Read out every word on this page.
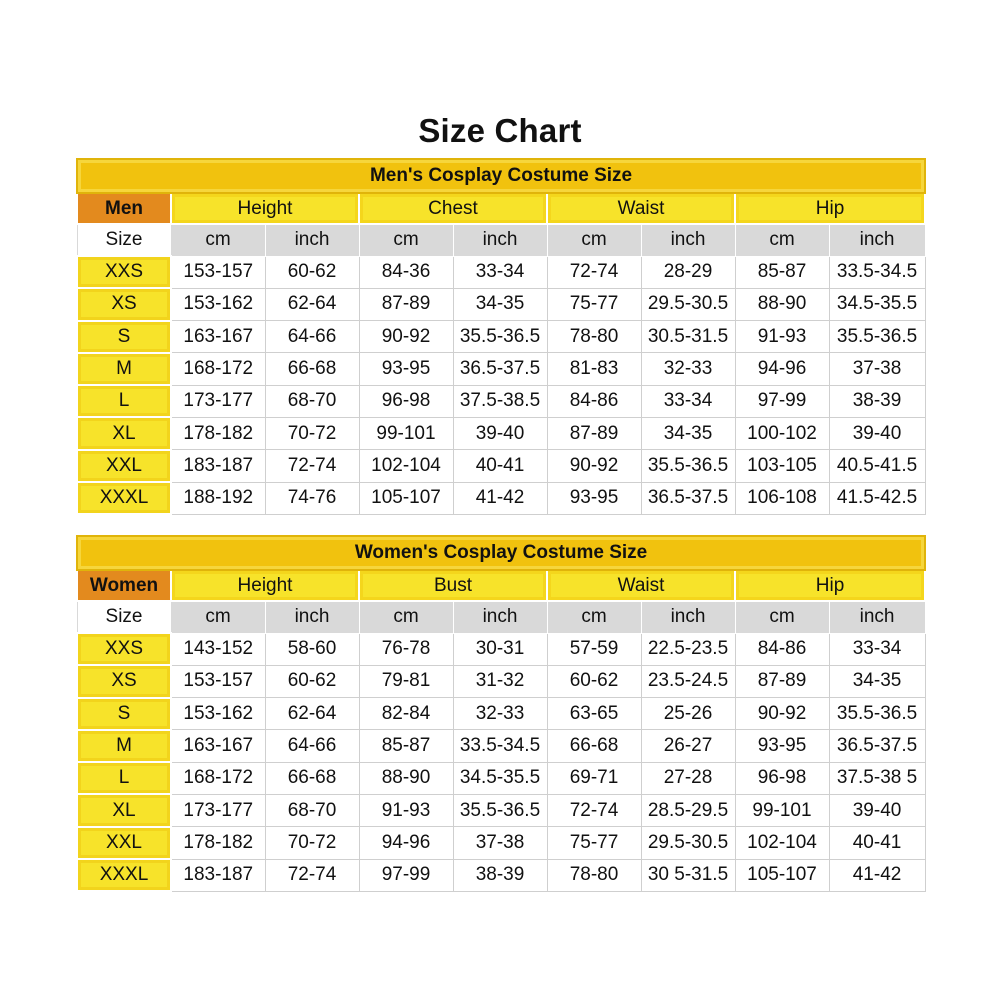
Size Chart
Men's Cosplay Costume Size								
Men	Height		Chest		Waist		Hip	
Size	cm	inch	cm	inch	cm	inch	cm	inch
XXS	153-157	60-62	84-36	33-34	72-74	28-29	85-87	33.5-34.5
XS	153-162	62-64	87-89	34-35	75-77	29.5-30.5	88-90	34.5-35.5
S	163-167	64-66	90-92	35.5-36.5	78-80	30.5-31.5	91-93	35.5-36.5
M	168-172	66-68	93-95	36.5-37.5	81-83	32-33	94-96	37-38
L	173-177	68-70	96-98	37.5-38.5	84-86	33-34	97-99	38-39
XL	178-182	70-72	99-101	39-40	87-89	34-35	100-102	39-40
XXL	183-187	72-74	102-104	40-41	90-92	35.5-36.5	103-105	40.5-41.5
XXXL	188-192	74-76	105-107	41-42	93-95	36.5-37.5	106-108	41.5-42.5
Women's Cosplay Costume Size								
Women	Height		Bust		Waist		Hip	
Size	cm	inch	cm	inch	cm	inch	cm	inch
XXS	143-152	58-60	76-78	30-31	57-59	22.5-23.5	84-86	33-34
XS	153-157	60-62	79-81	31-32	60-62	23.5-24.5	87-89	34-35
S	153-162	62-64	82-84	32-33	63-65	25-26	90-92	35.5-36.5
M	163-167	64-66	85-87	33.5-34.5	66-68	26-27	93-95	36.5-37.5
L	168-172	66-68	88-90	34.5-35.5	69-71	27-28	96-98	37.5-38 5
XL	173-177	68-70	91-93	35.5-36.5	72-74	28.5-29.5	99-101	39-40
XXL	178-182	70-72	94-96	37-38	75-77	29.5-30.5	102-104	40-41
XXXL	183-187	72-74	97-99	38-39	78-80	30 5-31.5	105-107	41-42
